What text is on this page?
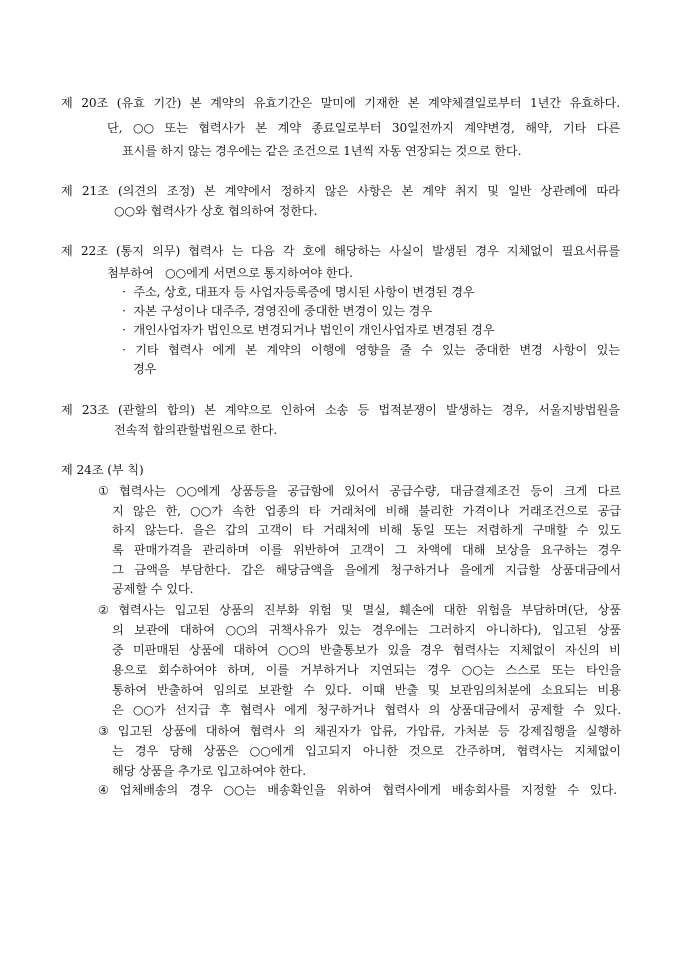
제 20조 (유효 기간) 본 계약의 유효기간은 말미에 기재한 본 계약체결일로부터 1년간 유효하다.
단, ○○ 또는 협력사가 본 계약 종료일로부터 30일전까지 계약변경, 해약, 기타 다른
표시를 하지 않는 경우에는 같은 조건으로 1년씩 자동 연장되는 것으로 한다.
제 21조 (의견의 조정) 본 계약에서 정하지 않은 사항은 본 계약 취지 및 일반 상관례에 따라
○○와 협력사가 상호 협의하여 정한다.
제 22조 (통지 의무) 협력사 는 다음 각 호에 해당하는 사실이 발생된 경우 지체없이 필요서류를
첨부하여   ○○에게 서면으로 통지하여야 한다.
·  주소, 상호, 대표자 등 사업자등록증에 명시된 사항이 변경된 경우
·  자본 구성이나 대주주, 경영진에 중대한 변경이 있는 경우
·  개인사업자가 법인으로 변경되거나 법인이 개인사업자로 변경된 경우
· 기타 협력사 에게 본 계약의 이행에 영향을 줄 수 있는 중대한 변경 사항이 있는
경우
제 23조 (관할의 합의) 본 계약으로 인하여 소송 등 법적분쟁이 발생하는 경우, 서울지방법원을
전속적 합의관할법원으로 한다.
제 24조 (부 칙)
① 협력사는 ○○에게 상품등을 공급함에 있어서 공급수량, 대금결제조건 등이 크게 다르
지 않은 한, ○○가 속한 업종의 타 거래처에 비해 불리한 가격이나 거래조건으로 공급
하지 않는다. 을은 갑의 고객이 타 거래처에 비해 동일 또는 저렴하게 구매할 수 있도
록 판매가격을 관리하며 이를 위반하여 고객이 그 차액에 대해 보상을 요구하는 경우
그 금액을 부담한다. 갑은 해당금액을 을에게 청구하거나 을에게 지급할 상품대금에서
공제할 수 있다.
② 협력사는 입고된 상품의 진부화 위험 및 멸실, 훼손에 대한 위험을 부담하며(단, 상품
의 보관에 대하여 ○○의 귀책사유가 있는 경우에는 그러하지 아니하다), 입고된 상품
중 미판매된 상품에 대하여 ○○의 반출통보가 있을 경우 협력사는 지체없이 자신의 비
용으로 회수하여야 하며, 이를 거부하거나 지연되는 경우 ○○는 스스로 또는 타인을
통하여 반출하여 임의로 보관할 수 있다. 이때 반출 및 보관임의처분에 소요되는 비용
은 ○○가 선지급 후 협력사 에게 청구하거나 협력사 의 상품대금에서 공제할 수 있다.
③ 입고된 상품에 대하여 협력사 의 채권자가 압류, 가압류, 가처분 등 강제집행을 실행하
는 경우 당해 상품은 ○○에게 입고되지 아니한 것으로 간주하며, 협력사는 지체없이
해당 상품을 추가로 입고하여야 한다.
④ 업체배송의 경우 ○○는 배송확인을 위하여 협력사에게 배송회사를 지정할 수 있다.
